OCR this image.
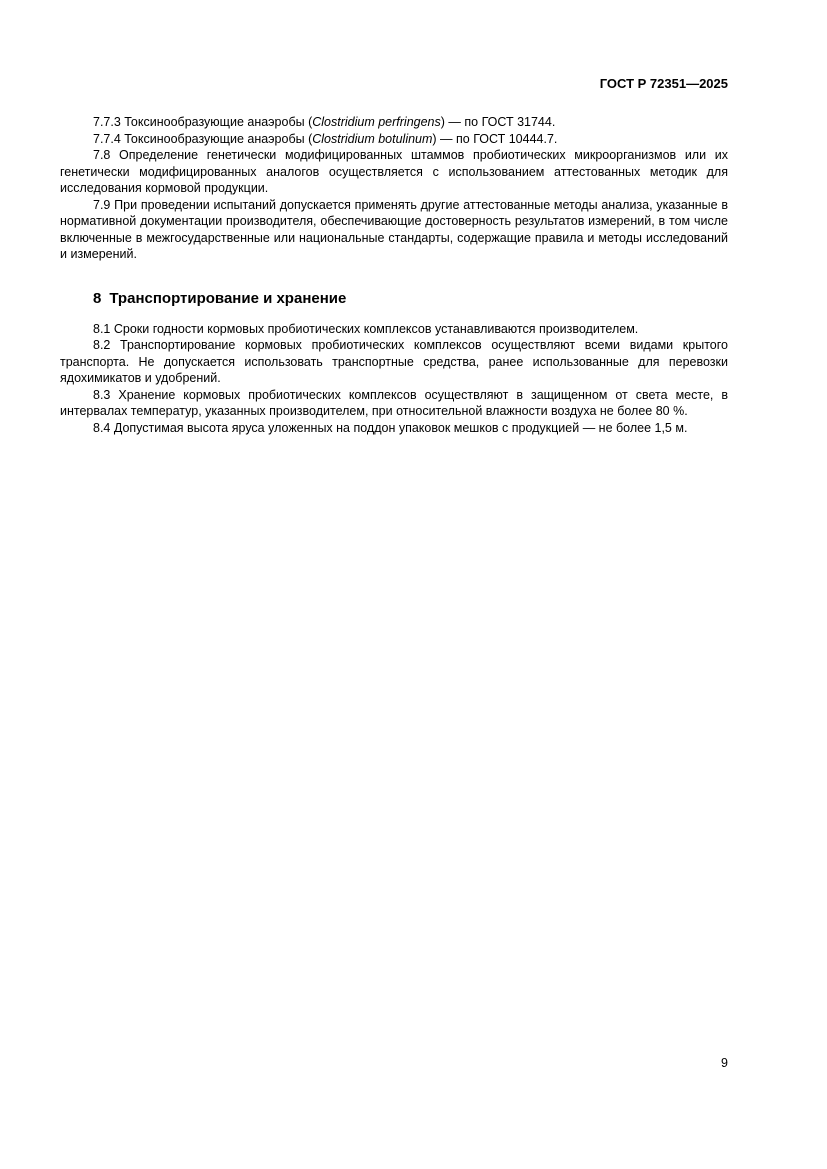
ГОСТ Р 72351—2025

7.7.3 Токсинообразующие анаэробы (Clostridium perfringens) — по ГОСТ 31744.

7.7.4 Токсинообразующие анаэробы (Clostridium botulinum) — по ГОСТ 10444.7.

7.8 Определение генетически модифицированных штаммов пробиотических микроорганизмов или их генетически модифицированных аналогов осуществляется с использованием аттестованных методик для исследования кормовой продукции.

7.9 При проведении испытаний допускается применять другие аттестованные методы анализа, указанные в нормативной документации производителя, обеспечивающие достоверность результатов измерений, в том числе включенные в межгосударственные или национальные стандарты, содержащие правила и методы исследований и измерений.

8 Транспортирование и хранение

8.1 Сроки годности кормовых пробиотических комплексов устанавливаются производителем.

8.2 Транспортирование кормовых пробиотических комплексов осуществляют всеми видами крытого транспорта. Не допускается использовать транспортные средства, ранее использованные для перевозки ядохимикатов и удобрений.

8.3 Хранение кормовых пробиотических комплексов осуществляют в защищенном от света месте, в интервалах температур, указанных производителем, при относительной влажности воздуха не более 80 %.

8.4 Допустимая высота яруса уложенных на поддон упаковок мешков с продукцией — не более 1,5 м.

9
